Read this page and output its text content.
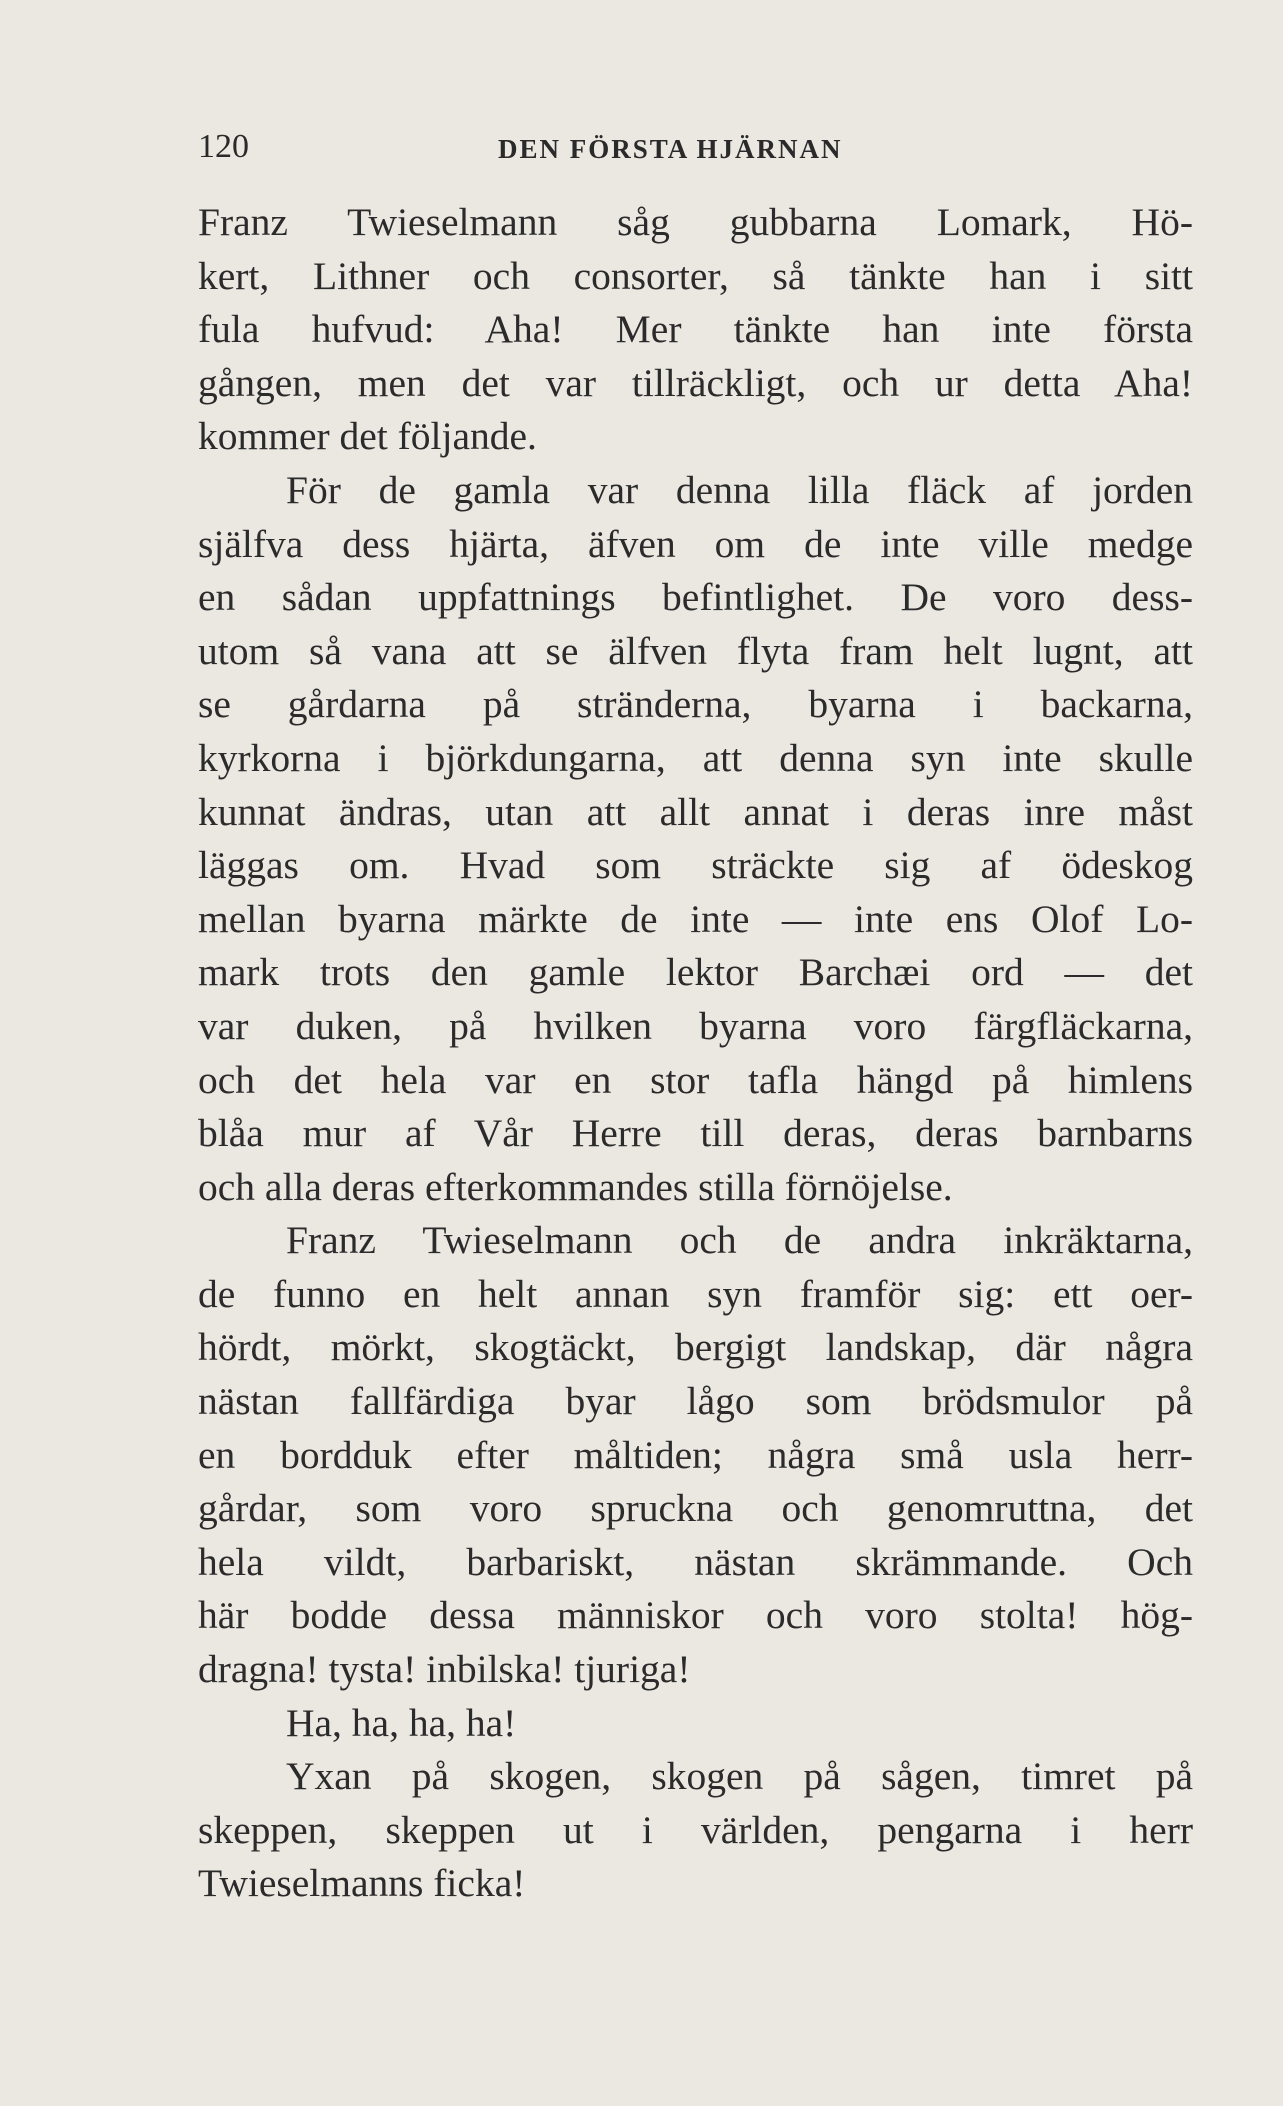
120	DEN FÖRSTA HJÄRNAN
Franz Twieselmann såg gubbarna Lomark, Hö-
kert, Lithner och consorter, så tänkte han i sitt
fula hufvud: Aha! Mer tänkte han inte första
gången, men det var tillräckligt, och ur detta Aha!
kommer det följande.
För de gamla var denna lilla fläck af jorden
själfva dess hjärta, äfven om de inte ville medge
en sådan uppfattnings befintlighet. De voro dess-
utom så vana att se älfven flyta fram helt lugnt, att
se gårdarna på stränderna, byarna i backarna,
kyrkorna i björkdungarna, att denna syn inte skulle
kunnat ändras, utan att allt annat i deras inre måst
läggas om. Hvad som sträckte sig af ödeskog
mellan byarna märkte de inte — inte ens Olof Lo-
mark trots den gamle lektor Barchæi ord — det
var duken, på hvilken byarna voro färgfläckarna,
och det hela var en stor tafla hängd på himlens
blåa mur af Vår Herre till deras, deras barnbarns
och alla deras efterkommandes stilla förnöjelse.
Franz Twieselmann och de andra inkräktarna,
de funno en helt annan syn framför sig: ett oer-
hördt, mörkt, skogtäckt, bergigt landskap, där några
nästan fallfärdiga byar lågo som brödsmulor på
en bordduk efter måltiden; några små usla herr-
gårdar, som voro spruckna och genomruttna, det
hela vildt, barbariskt, nästan skrämmande. Och
här bodde dessa människor och voro stolta! hög-
dragna! tysta! inbilska! tjuriga!
Ha, ha, ha, ha!
Yxan på skogen, skogen på sågen, timret på
skeppen, skeppen ut i världen, pengarna i herr
Twieselmanns ficka!
